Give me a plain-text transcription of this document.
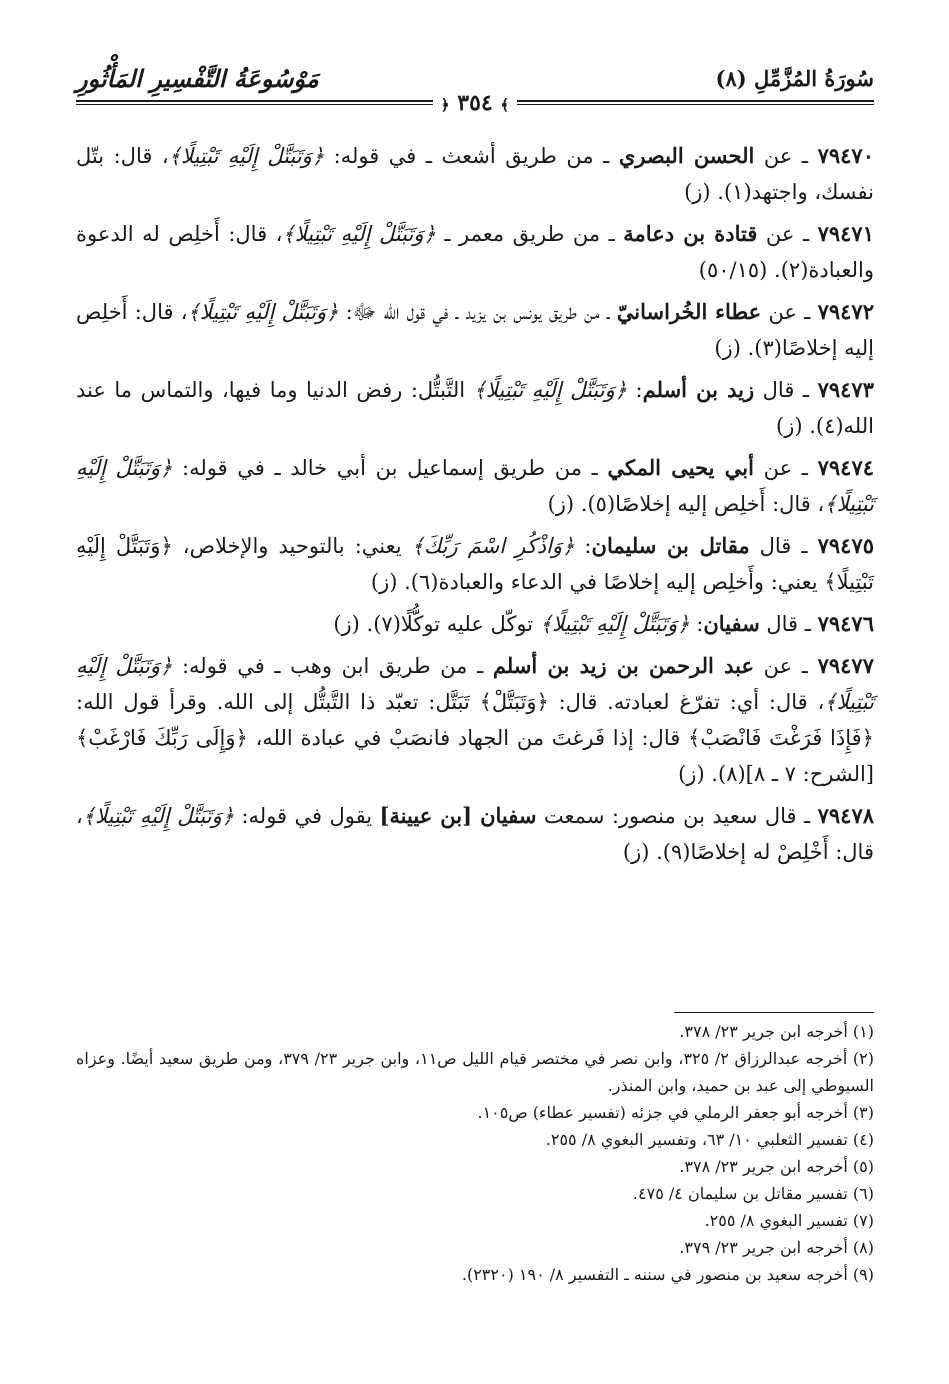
سُورَةُ المُزَّمِّلِ (٨)
مَوْسُوعَةُ التَّفْسِيرِ المَأْثُورِ
﴾ ٣٥٤ ﴿

٧٩٤٧٠ ـ عن الحسن البصري ـ من طريق أشعث ـ في قوله: ﴿وَتَبَتَّلْ إِلَيْهِ تَبْتِيلًا﴾، قال: بتّل نفسك، واجتهد(١). (ز)

٧٩٤٧١ ـ عن قتادة بن دعامة ـ من طريق معمر ـ ﴿وَتَبَتَّلْ إِلَيْهِ تَبْتِيلًا﴾، قال: أَخلِص له الدعوة والعبادة(٢). (٥٠/١٥)

٧٩٤٧٢ ـ عن عطاء الخُراسانيّ ـ من طريق يونس بن يزيد ـ في قول الله ﷻ: ﴿وَتَبَتَّلْ إِلَيْهِ تَبْتِيلًا﴾، قال: أَخلِص إليه إخلاصًا(٣). (ز)

٧٩٤٧٣ ـ قال زيد بن أسلم: ﴿وَتَبَتَّلْ إِلَيْهِ تَبْتِيلًا﴾ التَّبتُّل: رفض الدنيا وما فيها، والتماس ما عند الله(٤). (ز)

٧٩٤٧٤ ـ عن أبي يحيى المكي ـ من طريق إسماعيل بن أبي خالد ـ في قوله: ﴿وَتَبَتَّلْ إِلَيْهِ تَبْتِيلًا﴾، قال: أَخلِص إليه إخلاصًا(٥). (ز)

٧٩٤٧٥ ـ قال مقاتل بن سليمان: ﴿وَاذْكُرِ اسْمَ رَبِّكَ﴾ يعني: بالتوحيد والإخلاص، ﴿وَتَبَتَّلْ إِلَيْهِ تَبْتِيلًا﴾ يعني: وأَخلِص إليه إخلاصًا في الدعاء والعبادة(٦). (ز)

٧٩٤٧٦ ـ قال سفيان: ﴿وَتَبَتَّلْ إِلَيْهِ تَبْتِيلًا﴾ توكّل عليه توكُّلًا(٧). (ز)

٧٩٤٧٧ ـ عن عبد الرحمن بن زيد بن أسلم ـ من طريق ابن وهب ـ في قوله: ﴿وَتَبَتَّلْ إِلَيْهِ تَبْتِيلًا﴾، قال: أي: تفرّغ لعبادته. قال: ﴿وَتَبَتَّلْ﴾ تَبَتَّل: تعبّد ذا التَّبتُّل إلى الله. وقرأ قول الله: ﴿فَإِذَا فَرَغْتَ فَانْصَبْ﴾ قال: إذا فَرغتَ من الجهاد فانصَبْ في عبادة الله، ﴿وَإِلَى رَبِّكَ فَارْغَبْ﴾ [الشرح: ٧ ـ ٨](٨). (ز)

٧٩٤٧٨ ـ قال سعيد بن منصور: سمعت سفيان [بن عيينة] يقول في قوله: ﴿وَتَبَتَّلْ إِلَيْهِ تَبْتِيلًا﴾، قال: أَخْلِصْ له إخلاصًا(٩). (ز)

(١) أخرجه ابن جرير ٢٣/ ٣٧٨.

(٢) أخرجه عبدالرزاق ٢/ ٣٢٥، وابن نصر في مختصر قيام الليل ص١١، وابن جرير ٢٣/ ٣٧٩، ومن طريق سعيد أيضًا. وعزاه السيوطي إلى عبد بن حميد، وابن المنذر.

(٣) أخرجه أبو جعفر الرملي في جزئه (تفسير عطاء) ص١٠٥.

(٤) تفسير الثعلبي ١٠/ ٦٣، وتفسير البغوي ٨/ ٢٥٥.

(٥) أخرجه ابن جرير ٢٣/ ٣٧٨.

(٦) تفسير مقاتل بن سليمان ٤/ ٤٧٥.

(٧) تفسير البغوي ٨/ ٢٥٥.

(٨) أخرجه ابن جرير ٢٣/ ٣٧٩.

(٩) أخرجه سعيد بن منصور في سننه ـ التفسير ٨/ ١٩٠ (٢٣٢٠).
